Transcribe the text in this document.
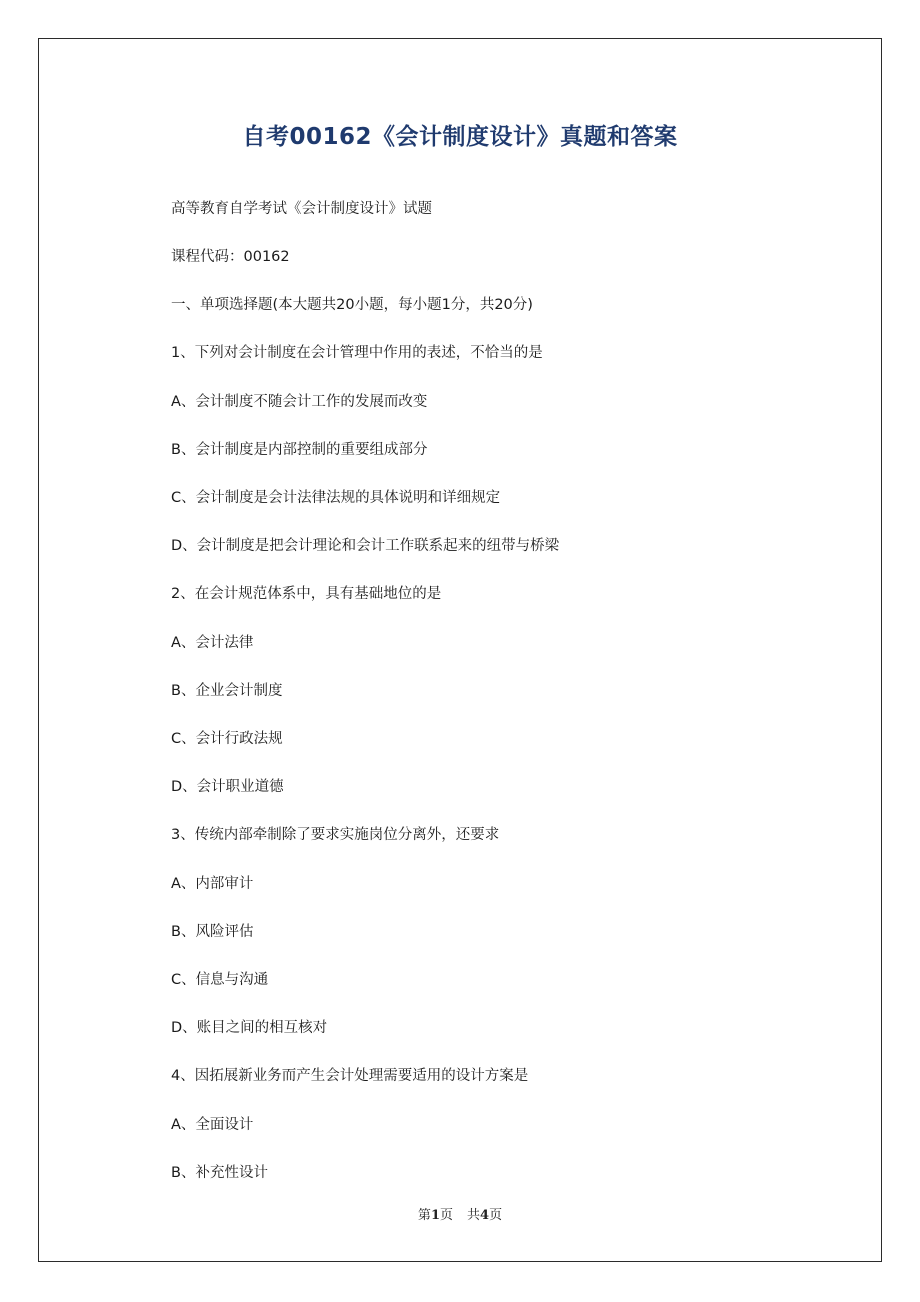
自考00162《会计制度设计》真题和答案

高等教育自学考试《会计制度设计》试题

课程代码：00162

一、单项选择题(本大题共20小题，每小题1分，共20分)

1、下列对会计制度在会计管理中作用的表述，不恰当的是

A、会计制度不随会计工作的发展而改变

B、会计制度是内部控制的重要组成部分

C、会计制度是会计法律法规的具体说明和详细规定

D、会计制度是把会计理论和会计工作联系起来的纽带与桥梁

2、在会计规范体系中，具有基础地位的是

A、会计法律

B、企业会计制度

C、会计行政法规

D、会计职业道德

3、传统内部牵制除了要求实施岗位分离外，还要求

A、内部审计

B、风险评估

C、信息与沟通

D、账目之间的相互核对

4、因拓展新业务而产生会计处理需要适用的设计方案是

A、全面设计

B、补充性设计

第1页 共4页
